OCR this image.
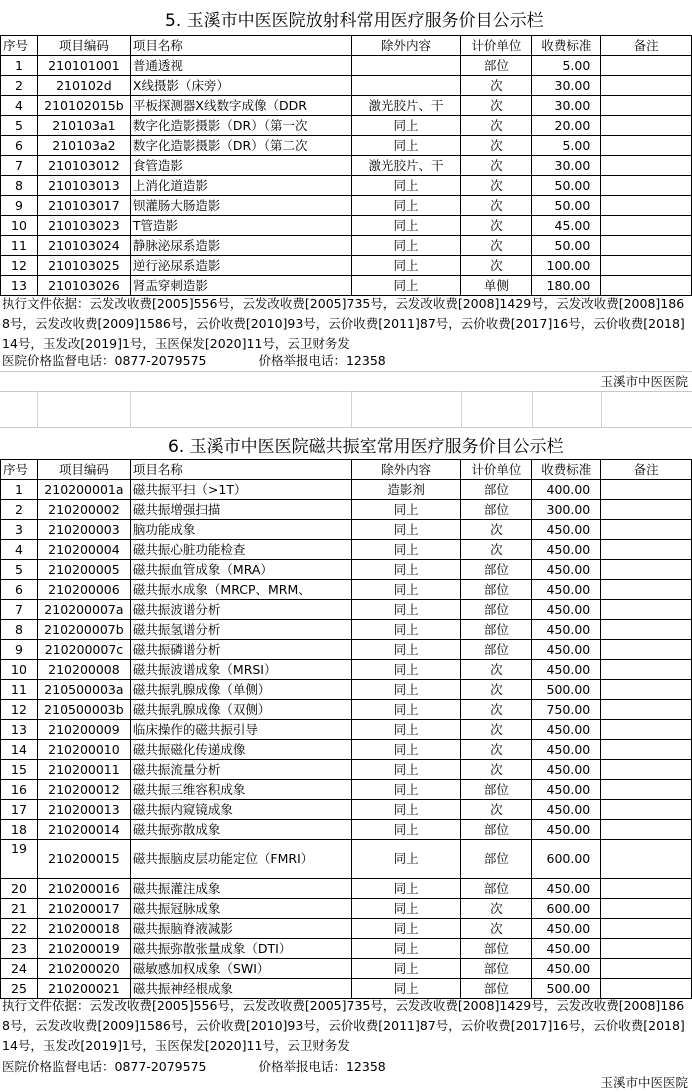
5. 玉溪市中医医院放射科常用医疗服务价目公示栏
序号	项目编码	项目名称	除外内容	计价单位	收费标准	备注
1	210101001	普通透视		部位	5.00	
2	210102d	X线摄影（床旁）		次	30.00	
4	210102015b	平板探测器X线数字成像（DDR	激光胶片、干	次	30.00	
5	210103a1	数字化造影摄影（DR）（第一次	同上	次	20.00	
6	210103a2	数字化造影摄影（DR）（第二次	同上	次	5.00	
7	210103012	食管造影	激光胶片、干	次	30.00	
8	210103013	上消化道造影	同上	次	50.00	
9	210103017	钡灌肠大肠造影	同上	次	50.00	
10	210103023	T管造影	同上	次	45.00	
11	210103024	静脉泌尿系造影	同上	次	50.00	
12	210103025	逆行泌尿系造影	同上	次	100.00	
13	210103026	肾盂穿刺造影	同上	单侧	180.00	
执行文件依据：云发改收费[2005]556号，云发改收费[2005]735号，云发改收费[2008]1429号，云发改收费[2008]1868号，云发改收费[2009]1586号，云价收费[2010]93号，云价收费[2011]87号，云价收费[2017]16号，云价收费[2018]14号，玉发改[2019]1号，玉医保发[2020]11号，云卫财务发
医院价格监督电话：0877-2079575	价格举报电话：12358
玉溪市中医医院
6. 玉溪市中医医院磁共振室常用医疗服务价目公示栏
序号	项目编码	项目名称	除外内容	计价单位	收费标准	备注
1	210200001a	磁共振平扫（>1T）	造影剂	部位	400.00	
2	210200002	磁共振增强扫描	同上	部位	300.00	
3	210200003	脑功能成象	同上	次	450.00	
4	210200004	磁共振心脏功能检查	同上	次	450.00	
5	210200005	磁共振血管成象（MRA）	同上	部位	450.00	
6	210200006	磁共振水成象（MRCP、MRM、	同上	部位	450.00	
7	210200007a	磁共振波谱分析	同上	部位	450.00	
8	210200007b	磁共振氢谱分析	同上	部位	450.00	
9	210200007c	磁共振磷谱分析	同上	部位	450.00	
10	210200008	磁共振波谱成象（MRSI）	同上	次	450.00	
11	210500003a	磁共振乳腺成像（单侧）	同上	次	500.00	
12	210500003b	磁共振乳腺成像（双侧）	同上	次	750.00	
13	210200009	临床操作的磁共振引导	同上	次	450.00	
14	210200010	磁共振磁化传递成像	同上	次	450.00	
15	210200011	磁共振流量分析	同上	次	450.00	
16	210200012	磁共振三维容积成象	同上	部位	450.00	
17	210200013	磁共振内窥镜成象	同上	次	450.00	
18	210200014	磁共振弥散成象	同上	部位	450.00	
19	210200015	磁共振脑皮层功能定位（FMRI）	同上	部位	600.00	
20	210200016	磁共振灌注成象	同上	部位	450.00	
21	210200017	磁共振冠脉成象	同上	次	600.00	
22	210200018	磁共振脑脊液减影	同上	次	450.00	
23	210200019	磁共振弥散张量成象（DTI）	同上	部位	450.00	
24	210200020	磁敏感加权成象（SWI）	同上	部位	450.00	
25	210200021	磁共振神经根成象	同上	部位	500.00	
执行文件依据：云发改收费[2005]556号，云发改收费[2005]735号，云发改收费[2008]1429号，云发改收费[2008]1868号，云发改收费[2009]1586号，云价收费[2010]93号，云价收费[2011]87号，云价收费[2017]16号，云价收费[2018]14号，玉发改[2019]1号，玉医保发[2020]11号，云卫财务发
医院价格监督电话：0877-2079575	价格举报电话：12358
玉溪市中医医院
